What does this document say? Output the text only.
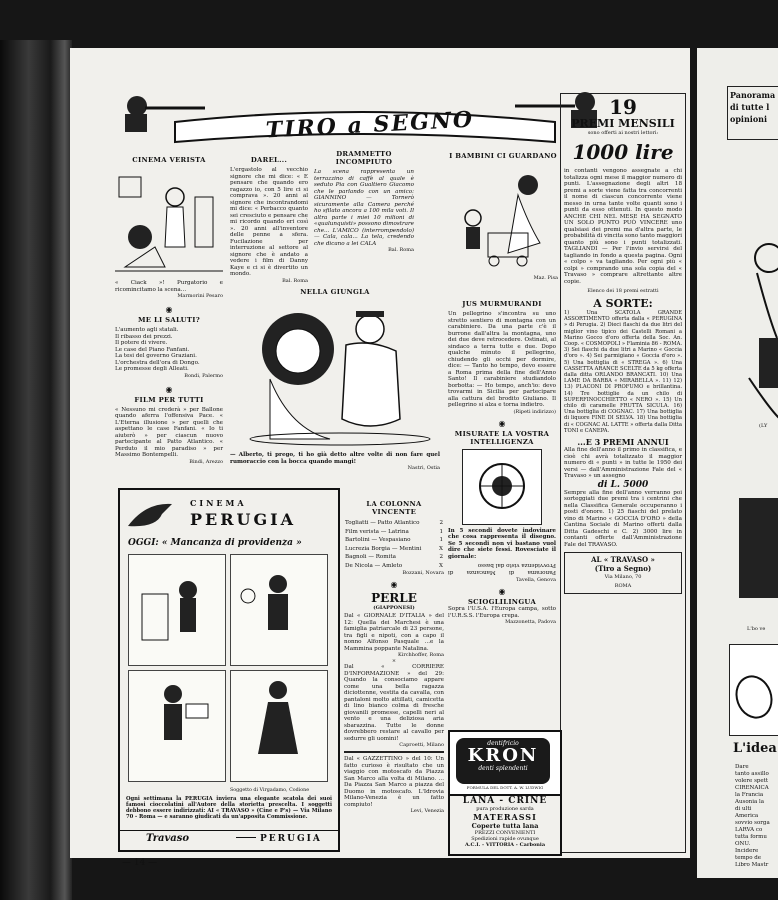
Panorama di tutte l opinioni
(LY
L'bo ve
L'idea
Dare
tanto assillo
volere spett
CIRENAICA
la Francia
Ausonia la
di ulti
America
sovvio sorga
LARVA co
tutta formu
ONU.
Incidere
tempo de
Libro Mastr
TIRO a SEGNO
CINEMA VERISTA
« Ciack »! Purgatorio e ricomincitamo la scena...
Marmorini Pesaro
◉
ME LI SALUTI?
L'aumento agli statali.
Il ribasso dei prezzi.
Il potere di vivere.
Le case del Piano Fanfani.
La tesi del governo Graziani.
L'orchestra dell'ora di Dongo.
Le promesse degli Alleati.
Bondi, Palermo
◉
FILM PER TUTTI
« Nessuno mi crederà » per Ballone quando aferra l'offensiva Pace. « L'Eterna illusione » per quelli che aspettano le case Fanfani. « Io ti aiuterò » per ciascun nuovo partecipante al Patto Atlantico. « Perduto il mio paradiso » per Massimo Bontempelli.
Bindi, Arezzo
DAREL...
L'ergastolo al vecchio signore che mi dice: « E pensare che quando ero ragazzo io, con 5 lire ci si comprava ». 20 anni al signore che incontrandomi mi dice: « Perbacco quanto sei cresciuto e pensare che mi ricordo quando eri così ». 20 anni all'inventore delle penne a sfera. Fucilazione per interruzione al settore al signore che è andato a vedere i film di Danny Kaye e ci si è divertito un mondo.
Bal. Roma
DRAMMETTO INCOMPIUTO
La scena rappresenta un terrazzino di caffè al quale è seduto Pia con Gualtiero Giacomo che le parlando con un amico: GIANNINO — Tornerò sicuramente alla Camera perché ho sfilato ancora a 100 mila voti. Il altra parte i miei 10 milioni di «qualunquisti» possono dimostrare che... L'AMICO (interrompendolo) — Cala, cala... La tela, credendo che dicano a lei CALA
Bal. Roma
I BAMBINI CI GUARDANO
Maz. Pisa
19
PREMI MENSILI
sono offerti ai nostri lettori:
1000 lire
in contanti vengono assegnate a chi totalizza ogni mese il maggior numero di punti. L'assegnazione degli altri 18 premi a sorte viene fatta tra concorrenti il nome di ciascun concorrente viene messo in urna tante volte quanti sono i punti da esso ottenuti. In questo modo ANCHE CHI NEL MESE HA SEGNATO UN SOLO PUNTO PUÒ VINCERE uno qualsiasi dei premi ma d'altra parte, le probabilità di vincita sono tanto maggiori quanto più sono i punti totalizzati. TAGLIANDI — Per l'invio servirsi del tagliando in fondo a questa pagina. Ogni « colpo » va tagliando. Per ogni più « colpi » comprando una sola copia del « Travaso » comprare altrettante altre copie.
Elenco dei 18 premi estratti
A SORTE:
1) Una SCATOLA GRANDE ASSORTIMENTO offerta dalla « PERUGINA » di Perugia. 2) Dieci flaschi da due litri del miglior vino tipico dei Castelli Romani a Marino Gocco d'oro offerta della Soc. An. Coop. « COSMOPOLI » Flaminia 86 - ROMA. 3) Sei flaschi da due litri a Marino « Goccia d'oro ». 4) Sei parmigiano « Goccia d'oro ». 5) Una bottiglia di « STREGA ». 6) Una CASSETTA ARANCE SCELTE da 5 kg offerta dalla ditta ORLANDO BRANCATI. 10) Una LAME DA BARBA « MIRABELLA ». 11) 12) 13) PLACONI DI PROFUMO e brillantina. 14) Tre bottiglie da un chilo di SUPERFINOCCHIETTO « NERO ». 15) Un chilo di caramelle FRUTTA SICULA. 16) Una bottiglia di COGNAC. 17) Una bottiglia di liquore FINE DI SELVA. 18) Una bottiglia di « COGNAC AL LATTE » offerta dalla Ditta TONI e CANEPA.
...E 3 PREMI ANNUI
Alla fine dell'anno il primo in classifica, e cioè chi avrà totalizzato il maggior numero di « punti » in tutte le 1950 dei versi — dall'Amministrazione Fale del « Travaso » un assegno
di L. 5000
Sempre alla fine dell'anno verranno poi sorteggiati due premi tra i centrini che nella Classifica Generale occuperanno i posti d'onore. 1) 25 fiaschi del prelato vino di Marino « GOCCIA D'ORO » della Cantina Sociale di Marino offerti dalla Ditta Gadeschi e C. 2) 3000 lire in contanti offerte dall'Amministrazione Fale del TRAVASO.
AL « TRAVASO »
(Tiro a Segno)
Via Milano, 70
ROMA
NELLA GIUNGLA
— Alberto, ti prego, ti ho già detto altre volte di non fare quel rumoraccio con la bocca quando mangi!
Nastri, Ostia
JUS MURMURANDI
Un pellegrino s'incontra su uno stretto sentiero di montagna con un carabiniere. Da una parte c'è il burrone dall'altra la montagna, uno dei due deve retrocedere. Ostinati, al sindaco a terra tutte e due. Dopo qualche minuto il pellegrino, chiudendo gli occhi per dormire, dice: — Tanto ho tempo, devo essere a Roma prima della fine dell'Anno Santo! Il carabiniere studiandolo borbotta: — Ho tempo, anch'io: devo trovarmi in Sicilia per partecipare alla cattura del brodito Giuliano. Il pellegrino si alza e torna indietro.
(Ripeti indirizzo)
◉
MISURATE LA VOSTRA INTELLIGENZA
In 5 secondi dovete indovinare che cosa rappresenta il disegno. Se 5 secondi non vi bastano vuol dire che siete fessi. Rovesciate il giornale:
Panorama di Mancanza di Provvidenza visto dal basso
Tavella, Genova
◉
SCIOGLILINGUA
Sopra l'U.S.A. l'Europa campa, sotto l'U.R.S.S. l'Europa crepa.
Mazzonetta, Padova
CINEMA
PERUGIA
OGGI: « Mancanza di providenza »
Soggetto di Virgadamo, Codione
Ogni settimana la PERUGIA inviera una elegante scatola dei suoi famosi cioccolatini all'Autore della storietta prescelta. I soggetti debbono essere indirizzati: AI « TRAVASO » (Cine e P's) — Via Milano 70 - Roma — e saranno giudicati da un'apposita Commissione.
Travaso	PERUGIA
LA COLONNA VINCENTE
Togliatti — Patto Atlantico	2
Film verista — Latrina	1
Bartolini — Vespasiano	1
Lucrezia Borgia — Mentini	X
Bagnoli — Romita	2
De Nicola — Amleto	X
Bozzani, Novara
◉
PERLE
(GIAPPONESI)
Dal « GIORNALE D'ITALIA » del 12: Quella dei Marchesi è una famiglia patriarcale di 23 persone, tra figli e nipoti, con a capo il nonno Alfonso Pasquale ...e la Mammina poppante Natalina.
Kirchhoffer, Roma
×
Dal « CORRIERE D'INFORMAZIONE » del 29: Quando la consociamo appare come una bella ragazza diciottenne, vestita da cavalla, con pantaloni molto attillati, camicetta di lino bianco colma di fresche giovanili promesse, capelli neri al vento e una deliziosa aria sbarazzina. Tutte le donne dovrebbero restare al cavallo per sedurre gli uomini!
Caproetti, Milano
Dal « GAZZETTINO » del 10: Un fatto curioso è risultato che un viaggio con motoscafo da Piazza San Marco alla volta di Milano. ... Da Piazza San Marco a piazza del Duomo in motoscafo. L'Idrovia Milano-Venezia è un fatto compiuto!
Levi, Venezia
dentifricio
KRON
denti splendenti
FORMULA DEL DOTT. A. W. LUDWIG
LANA - CRINE
pura produzione sarda
MATERASSI
Coperte tutta lana
PREZZI CONVENIENTI
Spedizioni rapide ovunque
A.C.I. - VITTORIA - Carbonia
— 14 —
